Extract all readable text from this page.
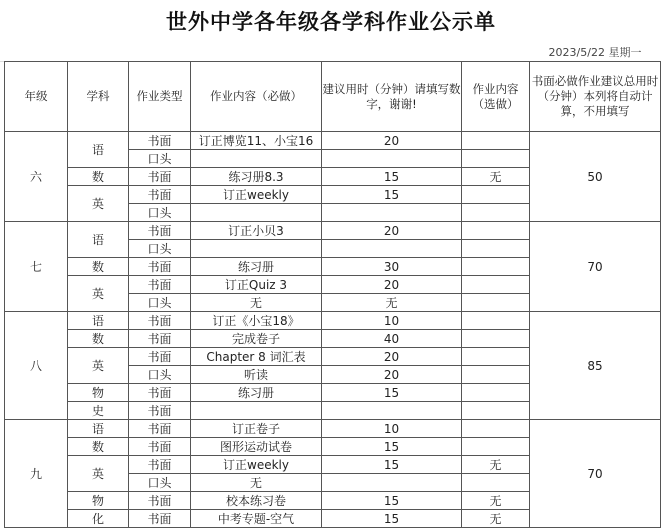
世外中学各年级各学科作业公示单
2023/5/22 星期一
年级	学科	作业类型	作业内容（必做）	建议用时（分钟）请填写数字，谢谢!	作业内容（选做）	书面必做作业建议总用时（分钟）本列将自动计算，不用填写
六	语	书面	订正博览11、小宝16	20		50
		口头				
	数	书面	练习册8.3	15	无	
	英	书面	订正weekly	15		
		口头				
七	语	书面	订正小贝3	20		70
		口头				
	数	书面	练习册	30		
	英	书面	订正Quiz 3	20		
		口头	无	无		
八	语	书面	订正《小宝18》	10		85
	数	书面	完成卷子	40		
	英	书面	Chapter 8 词汇表	20		
		口头	听读	20		
	物	书面	练习册	15		
	史	书面				
九	语	书面	订正卷子	10		70
	数	书面	图形运动试卷	15		
	英	书面	订正weekly	15	无	
		口头	无			
	物	书面	校本练习卷	15	无	
	化	书面	中考专题-空气	15	无	
